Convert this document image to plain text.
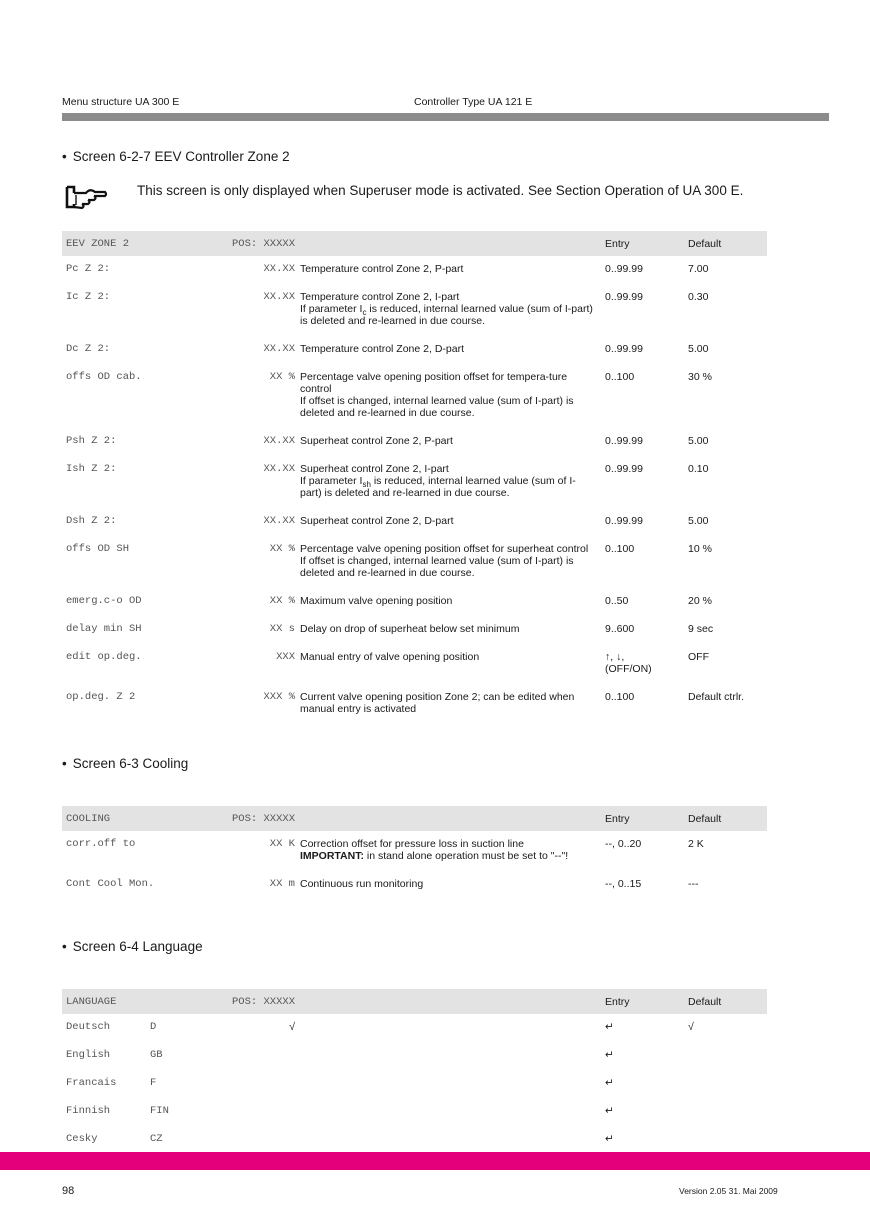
Menu structure UA 300 E	Controller Type UA 121 E
• Screen 6-2-7 EEV Controller Zone 2
This screen is only displayed when Superuser mode is activated. See Section Operation of UA 300 E.
EEV ZONE 2	POS: XXXXX		Entry	Default
Pc Z 2:	XX.XX	Temperature control Zone 2, P-part	0..99.99	7.00
Ic Z 2:	XX.XX	Temperature control Zone 2, I-part
If parameter $I_c$ is reduced, internal learned value (sum of I-part) is deleted and re-learned in due course.	0..99.99	0.30
Dc Z 2:	XX.XX	Temperature control Zone 2, D-part	0..99.99	5.00
offs OD cab.	XX %	Percentage valve opening position offset for tempera-ture control
If offset is changed, internal learned value (sum of I-part) is deleted and re-learned in due course.	0..100	30 %
Psh Z 2:	XX.XX	Superheat control Zone 2, P-part	0..99.99	5.00
Ish Z 2:	XX.XX	Superheat control Zone 2, I-part
If parameter $I_{sh}$ is reduced, internal learned value (sum of I-part) is deleted and re-learned in due course.	0..99.99	0.10
Dsh Z 2:	XX.XX	Superheat control Zone 2, D-part	0..99.99	5.00
offs OD SH	XX %	Percentage valve opening position offset for superheat control
If offset is changed, internal learned value (sum of I-part) is deleted and re-learned in due course.	0..100	10 %
emerg.c-o OD	XX %	Maximum valve opening position	0..50	20 %
delay min SH	XX s	Delay on drop of superheat below set minimum	9..600	9 sec
edit op.deg.	XXX	Manual entry of valve opening position	↑, ↓,
(OFF/ON)	OFF
op.deg. Z 2	XXX %	Current valve opening position Zone 2; can be edited when manual entry is activated	0..100	Default ctrlr.
• Screen 6-3 Cooling
COOLING	POS: XXXXX		Entry	Default
corr.off to	XX K	Correction offset for pressure loss in suction line
IMPORTANT: in stand alone operation must be set to "--"!	--, 0..20	2 K
Cont Cool Mon.	XX m	Continuous run monitoring	--, 0..15	---
• Screen 6-4 Language
LANGUAGE		POS: XXXXX		Entry	Default
Deutsch	D	√		↵	√
English	GB			↵	
Francais	F			↵	
Finnish	FIN			↵	
Cesky	CZ			↵	
98	Version 2.05 31. Mai 2009
